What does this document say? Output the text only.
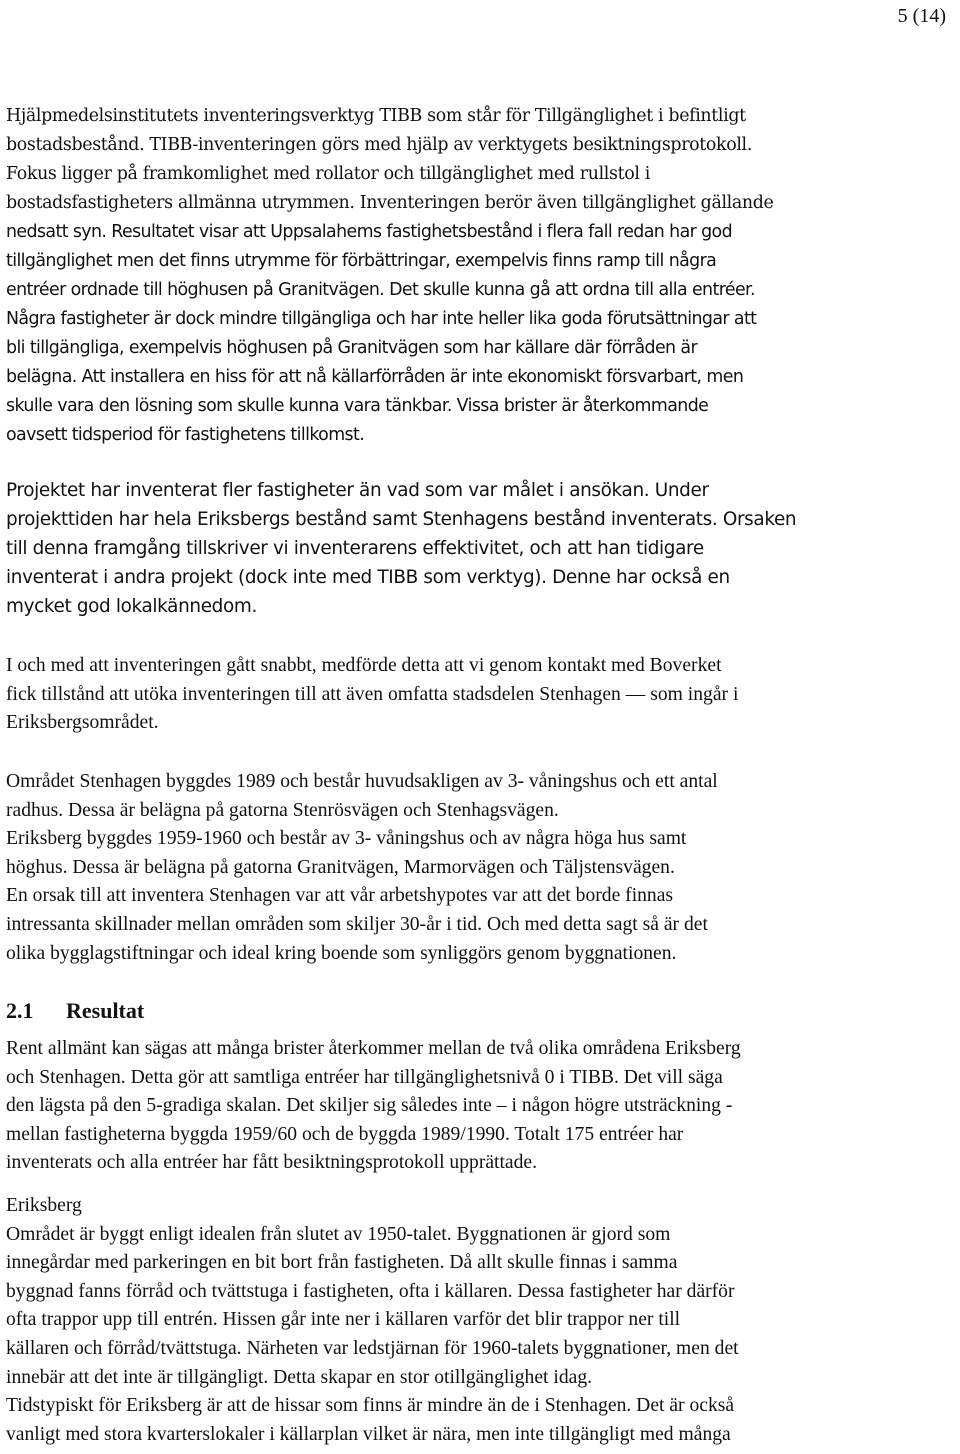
5 (14)
Hjälpmedelsinstitutets inventeringsverktyg TIBB som står för Tillgänglighet i befintligt
bostadsbestånd. TIBB-inventeringen görs med hjälp av verktygets besiktningsprotokoll.
Fokus ligger på framkomlighet med rollator och tillgänglighet med rullstol i
bostadsfastigheters allmänna utrymmen. Inventeringen berör även tillgänglighet gällande
nedsatt syn. Resultatet visar att Uppsalahems fastighetsbestånd i flera fall redan har god
tillgänglighet men det finns utrymme för förbättringar, exempelvis finns ramp till några
entréer ordnade till höghusen på Granitvägen. Det skulle kunna gå att ordna till alla entréer.
Några fastigheter är dock mindre tillgängliga och har inte heller lika goda förutsättningar att
bli tillgängliga, exempelvis höghusen på Granitvägen som har källare där förråden är
belägna. Att installera en hiss för att nå källarförråden är inte ekonomiskt försvarbart, men
skulle vara den lösning som skulle kunna vara tänkbar. Vissa brister är återkommande
oavsett tidsperiod för fastighetens tillkomst.
Projektet har inventerat fler fastigheter än vad som var målet i ansökan. Under
projekttiden har hela Eriksbergs bestånd samt Stenhagens bestånd inventerats. Orsaken
till denna framgång tillskriver vi inventerarens effektivitet, och att han tidigare
inventerat i andra projekt (dock inte med TIBB som verktyg). Denne har också en
mycket god lokalkännedom.
I och med att inventeringen gått snabbt, medförde detta att vi genom kontakt med Boverket
fick tillstånd att utöka inventeringen till att även omfatta stadsdelen Stenhagen — som ingår i
Eriksbergsområdet.
Området Stenhagen byggdes 1989 och består huvudsakligen av 3- våningshus och ett antal
radhus. Dessa är belägna på gatorna Stenrösvägen och Stenhagsvägen.
Eriksberg byggdes 1959-1960 och består av 3- våningshus och av några höga hus samt
höghus. Dessa är belägna på gatorna Granitvägen, Marmorvägen och Täljstensvägen.
En orsak till att inventera Stenhagen var att vår arbetshypotes var att det borde finnas
intressanta skillnader mellan områden som skiljer 30-år i tid. Och med detta sagt så är det
olika bygglagstiftningar och ideal kring boende som synliggörs genom byggnationen.
2.1 Resultat
Rent allmänt kan sägas att många brister återkommer mellan de två olika områdena Eriksberg
och Stenhagen. Detta gör att samtliga entréer har tillgänglighetsnivå 0 i TIBB. Det vill säga
den lägsta på den 5-gradiga skalan. Det skiljer sig således inte – i någon högre utsträckning -
mellan fastigheterna byggda 1959/60 och de byggda 1989/1990. Totalt 175 entréer har
inventerats och alla entréer har fått besiktningsprotokoll upprättade.
Eriksberg
Området är byggt enligt idealen från slutet av 1950-talet. Byggnationen är gjord som
innegårdar med parkeringen en bit bort från fastigheten. Då allt skulle finnas i samma
byggnad fanns förråd och tvättstuga i fastigheten, ofta i källaren. Dessa fastigheter har därför
ofta trappor upp till entrén. Hissen går inte ner i källaren varför det blir trappor ner till
källaren och förråd/tvättstuga. Närheten var ledstjärnan för 1960-talets byggnationer, men det
innebär att det inte är tillgängligt. Detta skapar en stor otillgänglighet idag.
Tidstypiskt för Eriksberg är att de hissar som finns är mindre än de i Stenhagen. Det är också
vanligt med stora kvarterslokaler i källarplan vilket är nära, men inte tillgängligt med många
